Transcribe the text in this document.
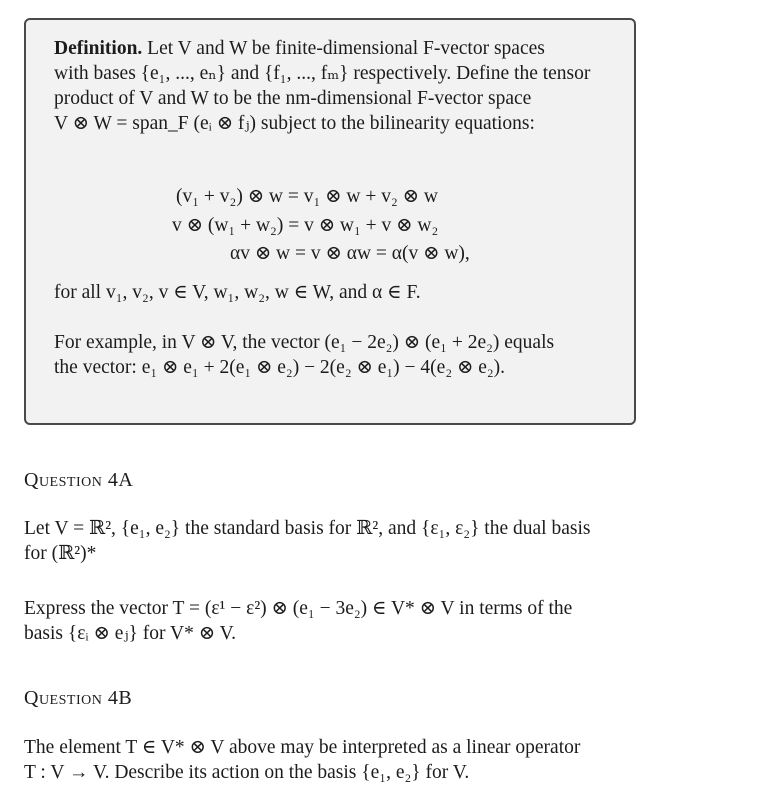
Definition. Let V and W be finite-dimensional F-vector spaces

with bases {e₁, ..., eₙ} and {f₁, ..., fₘ} respectively. Define the tensor

product of V and W to be the nm-dimensional F-vector space

V ⊗ W = span_F (eᵢ ⊗ fⱼ) subject to the bilinearity equations:

(v₁ + v₂) ⊗ w = v₁ ⊗ w + v₂ ⊗ w
v ⊗ (w₁ + w₂) = v ⊗ w₁ + v ⊗ w₂
αv ⊗ w = v ⊗ αw = α(v ⊗ w),

for all v₁, v₂, v ∈ V, w₁, w₂, w ∈ W, and α ∈ F.

For example, in V ⊗ V, the vector (e₁ − 2e₂) ⊗ (e₁ + 2e₂) equals

the vector: e₁ ⊗ e₁ + 2(e₁ ⊗ e₂) − 2(e₂ ⊗ e₁) − 4(e₂ ⊗ e₂).

Question 4A

Let V = ℝ², {e₁, e₂} the standard basis for ℝ², and {ε₁, ε₂} the dual basis
for (ℝ²)*

Express the vector T = (ε¹ − ε²) ⊗ (e₁ − 3e₂) ∈ V* ⊗ V in terms of the
basis {εᵢ ⊗ eⱼ} for V* ⊗ V.

Question 4B

The element T ∈ V* ⊗ V above may be interpreted as a linear operator
T : V → V. Describe its action on the basis {e₁, e₂} for V.
